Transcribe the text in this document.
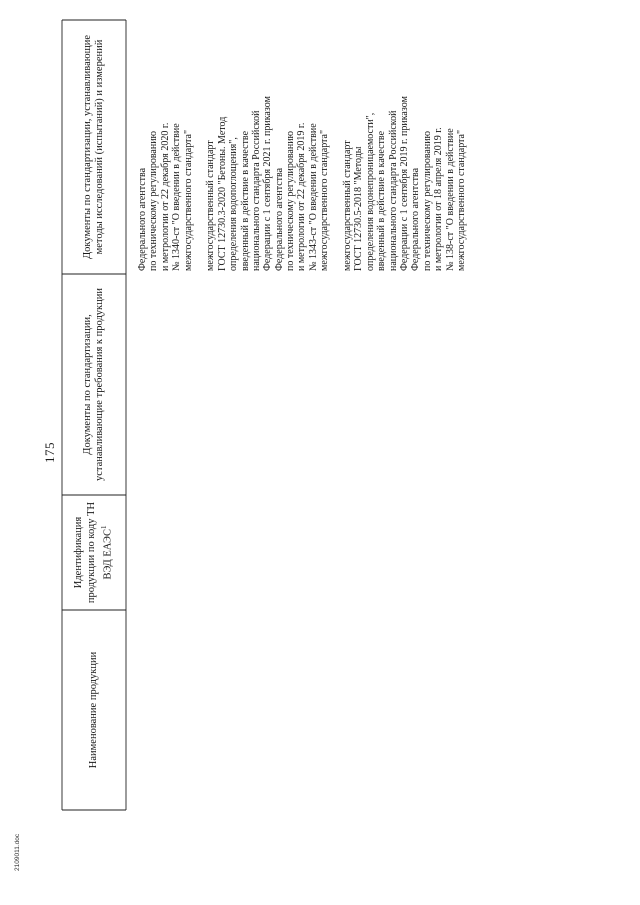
175
Наименование продукции
Идентификация продукции по коду ТН ВЭД ЕАЭС$^1$
Документы по стандартизации, устанавливающие требования к продукции
Документы по стандартизации, устанавливающие методы исследований (испытаний) и измерений	Федерального агентства по техническому регулированию и метрологии от 22 декабря 2020 г. № 1340-ст "О введении в действие межгосударственного стандарта" межгосударственный стандарт ГОСТ 12730.3-2020 "Бетоны. Метод определения водопоглощения", введенный в действие в качестве национального стандарта Российской Федерации с 1 сентября 2021 г. приказом Федерального агентства по техническому регулированию и метрологии от 22 декабря 2019 г. № 1343-ст "О введении в действие межгосударственного стандарта" межгосударственный стандарт ГОСТ 12730.5-2018 "Методы определения водонепроницаемости", введенный в действие в качестве национального стандарта Российской Федерации с 1 сентября 2019 г. приказом Федерального агентства по техническому регулированию и метрологии от 18 апреля 2019 г. № 138-ст "О введении в действие межгосударственного стандарта"
2109011.doc
